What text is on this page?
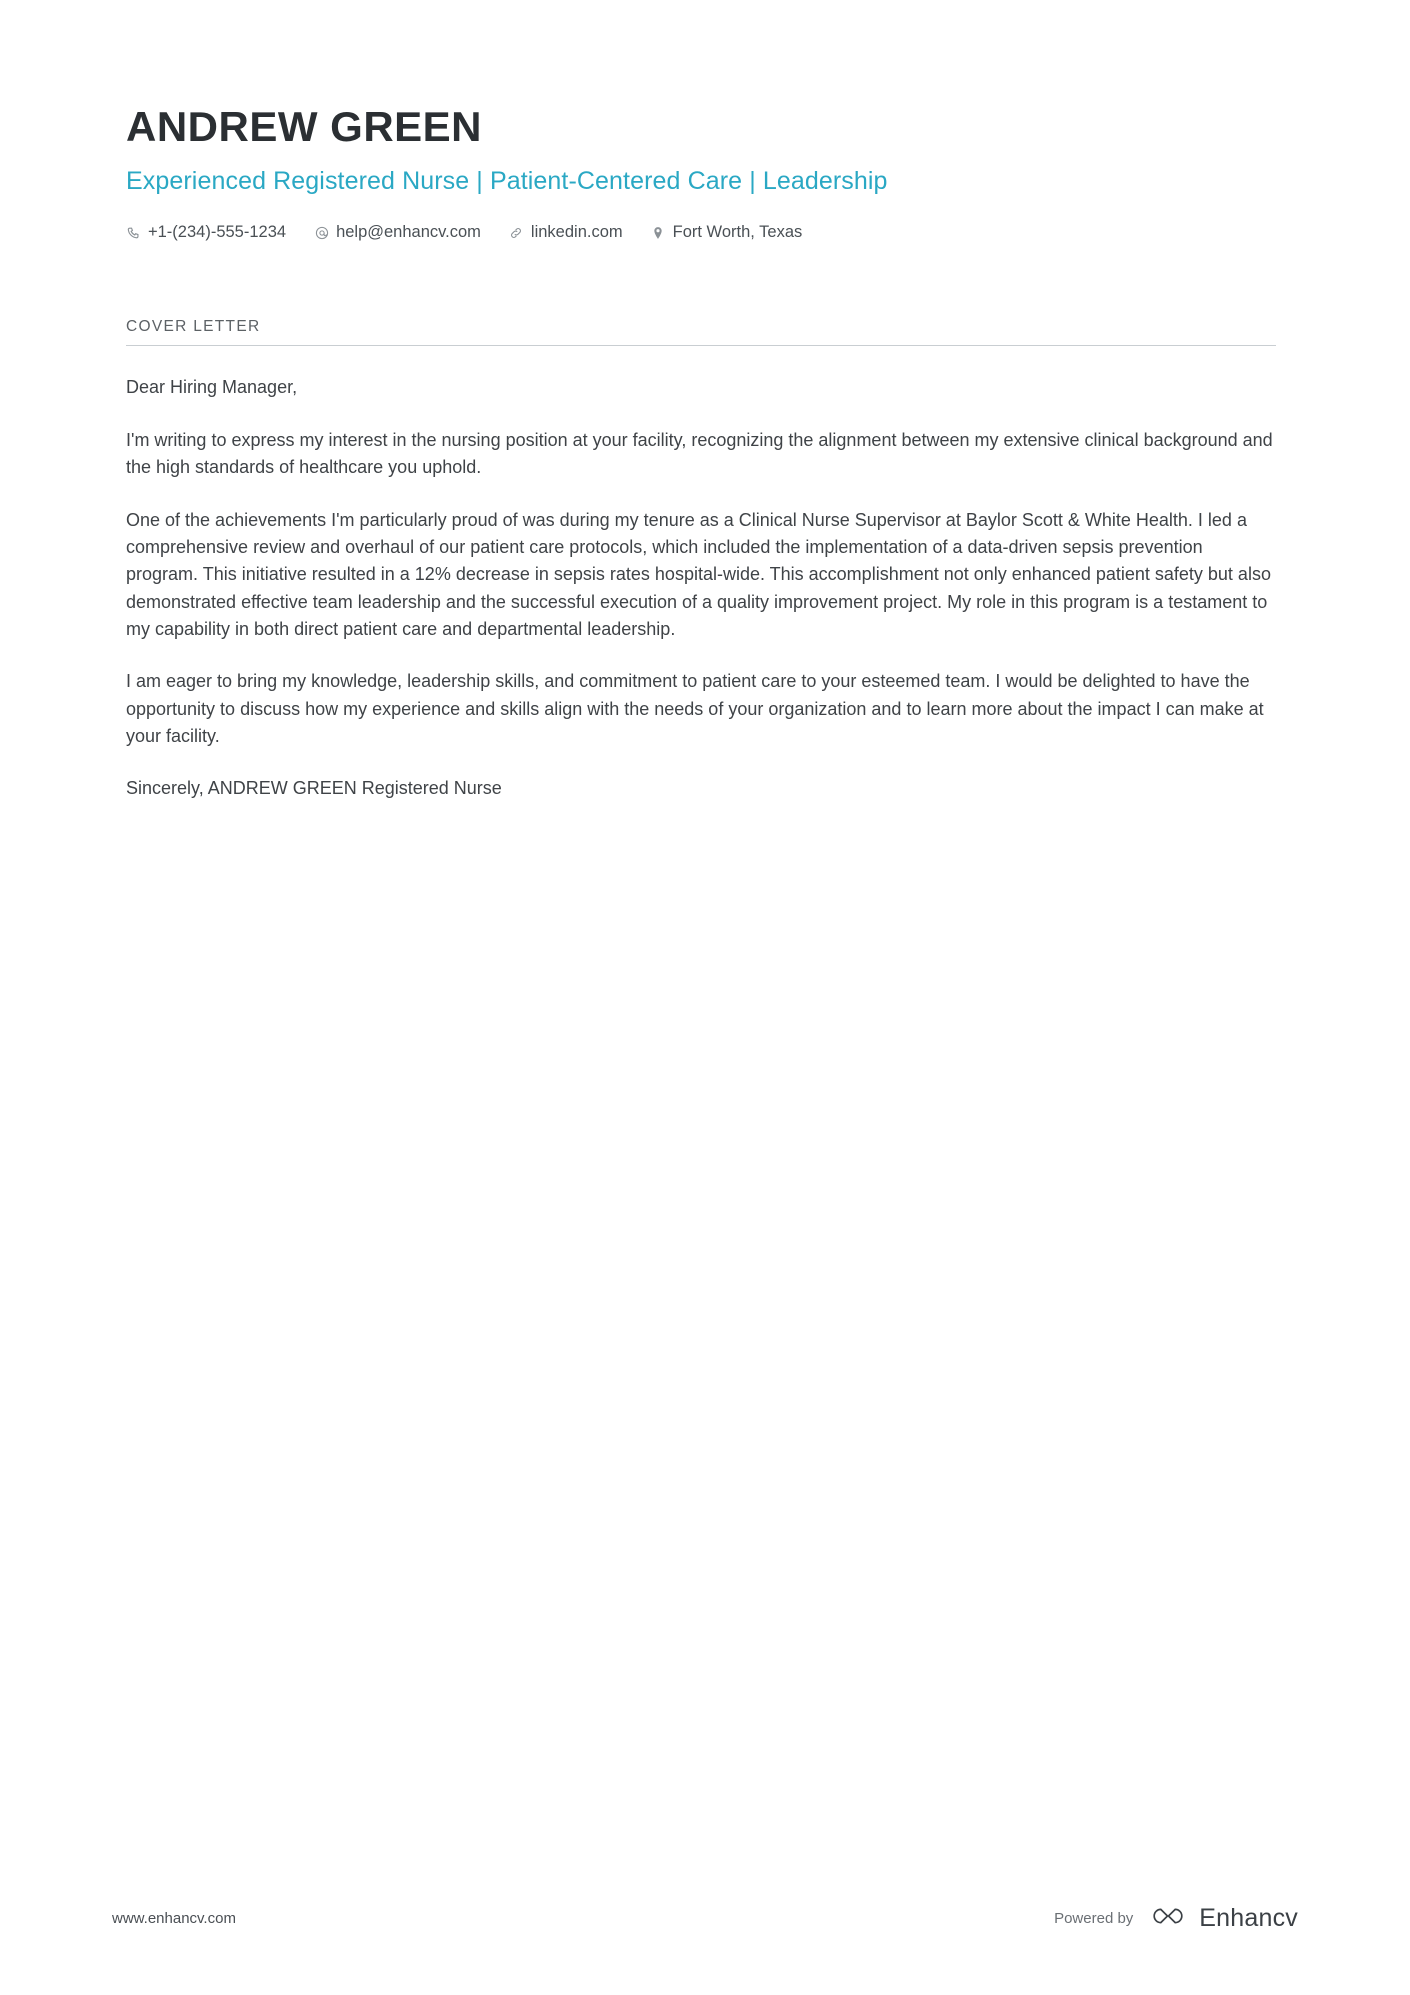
ANDREW GREEN
Experienced Registered Nurse | Patient-Centered Care | Leadership
+1-(234)-555-1234	help@enhancv.com	linkedin.com	Fort Worth, Texas
COVER LETTER

Dear Hiring Manager,

I'm writing to express my interest in the nursing position at your facility, recognizing the alignment between my extensive clinical background and the high standards of healthcare you uphold.

One of the achievements I'm particularly proud of was during my tenure as a Clinical Nurse Supervisor at Baylor Scott & White Health. I led a comprehensive review and overhaul of our patient care protocols, which included the implementation of a data-driven sepsis prevention program. This initiative resulted in a 12% decrease in sepsis rates hospital-wide. This accomplishment not only enhanced patient safety but also demonstrated effective team leadership and the successful execution of a quality improvement project. My role in this program is a testament to my capability in both direct patient care and departmental leadership.

I am eager to bring my knowledge, leadership skills, and commitment to patient care to your esteemed team. I would be delighted to have the opportunity to discuss how my experience and skills align with the needs of your organization and to learn more about the impact I can make at your facility.

Sincerely, ANDREW GREEN Registered Nurse

www.enhancv.com	Powered by	Enhancv
